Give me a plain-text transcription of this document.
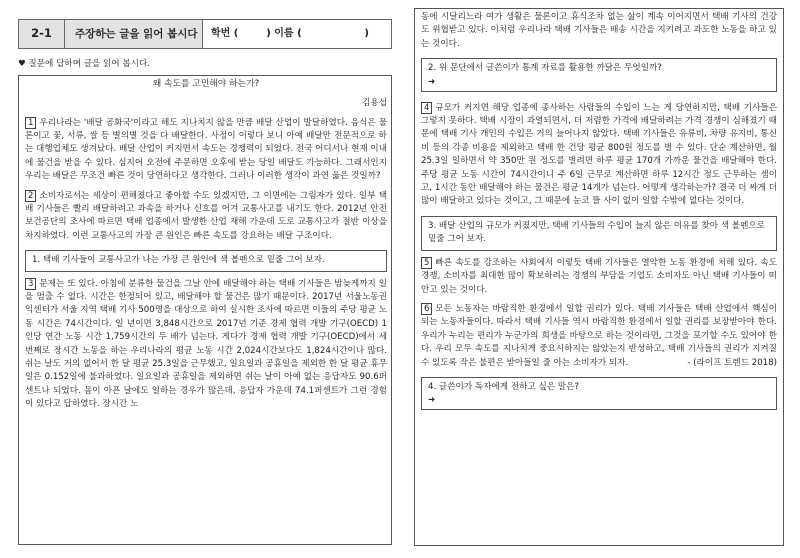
2-1	주장하는 글을 읽어 봅시다	학번 (        ) 이름 (                  )
♥ 질문에 답하며 글을 읽어 봅시다.
왜 속도를 고민해야 하는가?
김용섭

1 우리나라는 '배달 공화국'이라고 해도 지나치지 않을 만큼 배달 산업이 발달하였다. 음식은 물론이고 꽃, 서류, 쌀 등 별의별 것을 다 배달한다. 사정이 이렇다 보니 아예 배달만 전문적으로 하는 대행업체도 생겨났다. 배달 산업이 커지면서 속도는 경쟁력이 되었다. 전국 어디서나 현재 이내에 물건을 받을 수 있다. 심지어 오전에 주문하면 오후에 받는 당일 배달도 가능하다. 그래서인지 우리는 배달은 무조건 빠른 것이 당연하다고 생각한다. 그러나 이러한 생각이 과연 옳은 것일까?

2 소비자로서는 세상이 편해졌다고 좋아할 수도 있겠지만, 그 이면에는 그림자가 있다. 일부 택배 기사들은 빨리 배달하려고 과속을 하거나 신호를 어겨 교통사고를 내기도 한다. 2012년 안전보건공단의 조사에 따르면 택배 업종에서 발생한 산업 재해 가운데 도로 교통사고가 절반 이상을 차지하였다. 이런 교통사고의 가장 큰 원인은 빠른 속도를 강요하는 배달 구조이다.

1. 택배 기사들이 교통사고가 나는 가장 큰 원인에 색 볼펜으로 밑줄 그어 보자.

3 문제는 또 있다. 아침에 분류한 물건을 그날 안에 배달해야 하는 택배 기사들은 밤늦게까지 일을 멈출 수 없다. 시간은 한정되어 있고, 배달해야 할 물건은 많기 때문이다. 2017년 서울노동권익센터가 서울 지역 택배 기사 500명을 대상으로 하여 실시한 조사에 따르면 이들의 주당 평균 노동 시간은 74시간이다. 일 년이면 3,848시간으로 2017년 기준 경제 협력 개발 기구(OECD) 1인당 연간 노동 시간 1,759시간의 두 배가 넘는다. 게다가 경제 협력 개발 기구(OECD)에서 세 번째로 장시간 노동을 하는 우리나라의 평균 노동 시간 2,024시간보다도 1,824시간이나 많다. 쉬는 날도 거의 없어서 한 달 평균 25.3일을 근무했고, 일요일과 공휴일을 제외한 한 달 평균 휴무일은 0.152일에 불과하였다. 일요일과 공휴일을 제외하면 쉬는 날이 아예 없는 응답자도 90.6퍼센트나 되었다. 몸이 아픈 날에도 일하는 경우가 많은데, 응답자 가운데 74.1퍼센트가 그런 경험이 있다고 답하였다. 장시간 노

동에 시달리느라 여가 생활은 물론이고 휴식조차 없는 삶이 계속 이어지면서 택배 기사의 건강도 위협받고 있다. 이처럼 우리나라 택배 기사들은 배송 시간을 지키려고 과도한 노동을 하고 있는 것이다.

2. 위 문단에서 글쓴이가 통계 자료를 활용한 까닭은 무엇일까?
➜

4 규모가 커지면 해당 업종에 종사하는 사람들의 수입이 느는 게 당연하지만, 택배 기사들은 그렇지 못하다. 택배 시장이 과열되면서, 더 저렴한 가격에 배달하려는 가격 경쟁이 심해졌기 때문에 택배 기사 개인의 수입은 거의 늘어나지 않았다. 택배 기사들은 유류비, 차량 유지비, 통신비 등의 각종 비용을 제외하고 택배 한 건당 평균 800원 정도를 벌 수 있다. 단순 계산하면, 월 25.3일 일하면서 약 350만 원 정도를 벌려면 하루 평균 170개 가까운 물건을 배달해야 한다. 주당 평균 노동 시간이 74시간이니 주 6일 근무로 계산하면 하루 12시간 정도 근무하는 셈이고, 1시간 동안 배달해야 하는 물건은 평균 14개가 넘는다. 어떻게 생각하는가? 결국 더 싸게 더 많이 배달하고 있다는 것이고, 그 때문에 눈코 뜰 사이 없이 일할 수밖에 없다는 것이다.

3. 배달 산업의 규모가 커졌지만, 택배 기사들의 수입이 늘지 않은 이유를 찾아 색 볼펜으로 밑줄 그어 보자.

5 빠른 속도를 강조하는 사회에서 이렇듯 택배 기사들은 열악한 노동 환경에 처해 있다. 속도 경쟁, 소비자를 최대한 많이 확보하려는 경쟁의 부담을 기업도 소비자도 아닌 택배 기사들이 떠안고 있는 것이다.

6 모든 노동자는 바람직한 환경에서 일할 권리가 있다. 택배 기사들은 택배 산업에서 핵심이 되는 노동자들이다. 따라서 택배 기사들 역시 바람직한 환경에서 일할 권리를 보장받아야 한다. 우리가 누리는 편리가 누군가의 희생을 바탕으로 하는 것이라면, 그것을 포기할 수도 있어야 한다. 우리 모두 속도를 지나치게 중요시하지는 않았는지 반성하고, 택배 기사들의 권리가 지켜질 수 있도록 작은 불편은 받아들일 줄 아는 소비자가 되자.	- (라이프 트렌드 2018)

4. 글쓴이가 독자에게 전하고 싶은 말은?
➜
